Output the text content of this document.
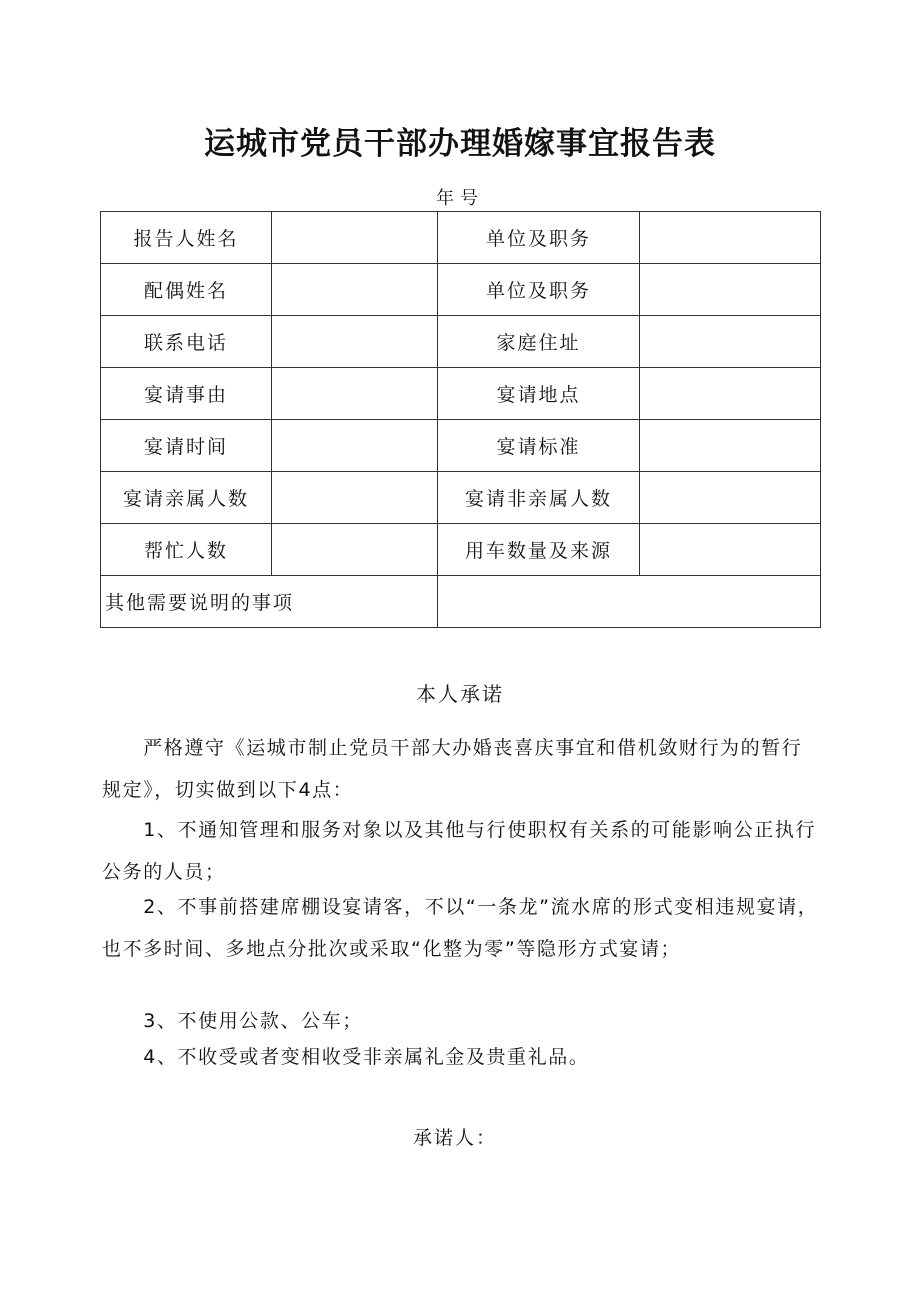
运城市党员干部办理婚嫁事宜报告表
年号
报告人姓名		单位及职务	
配偶姓名		单位及职务	
联系电话		家庭住址	
宴请事由		宴请地点	
宴请时间		宴请标准	
宴请亲属人数		宴请非亲属人数	
帮忙人数		用车数量及来源	
其他需要说明的事项			
本人承诺
　　严格遵守《运城市制止党员干部大办婚丧喜庆事宜和借机敛财行为的暂行规定》，切实做到以下4点：
　　1、不通知管理和服务对象以及其他与行使职权有关系的可能影响公正执行公务的人员；
　　2、不事前搭建席棚设宴请客，不以“一条龙”流水席的形式变相违规宴请，也不多时间、多地点分批次或采取“化整为零”等隐形方式宴请；
　　3、不使用公款、公车；
　　4、不收受或者变相收受非亲属礼金及贵重礼品。
承诺人：
